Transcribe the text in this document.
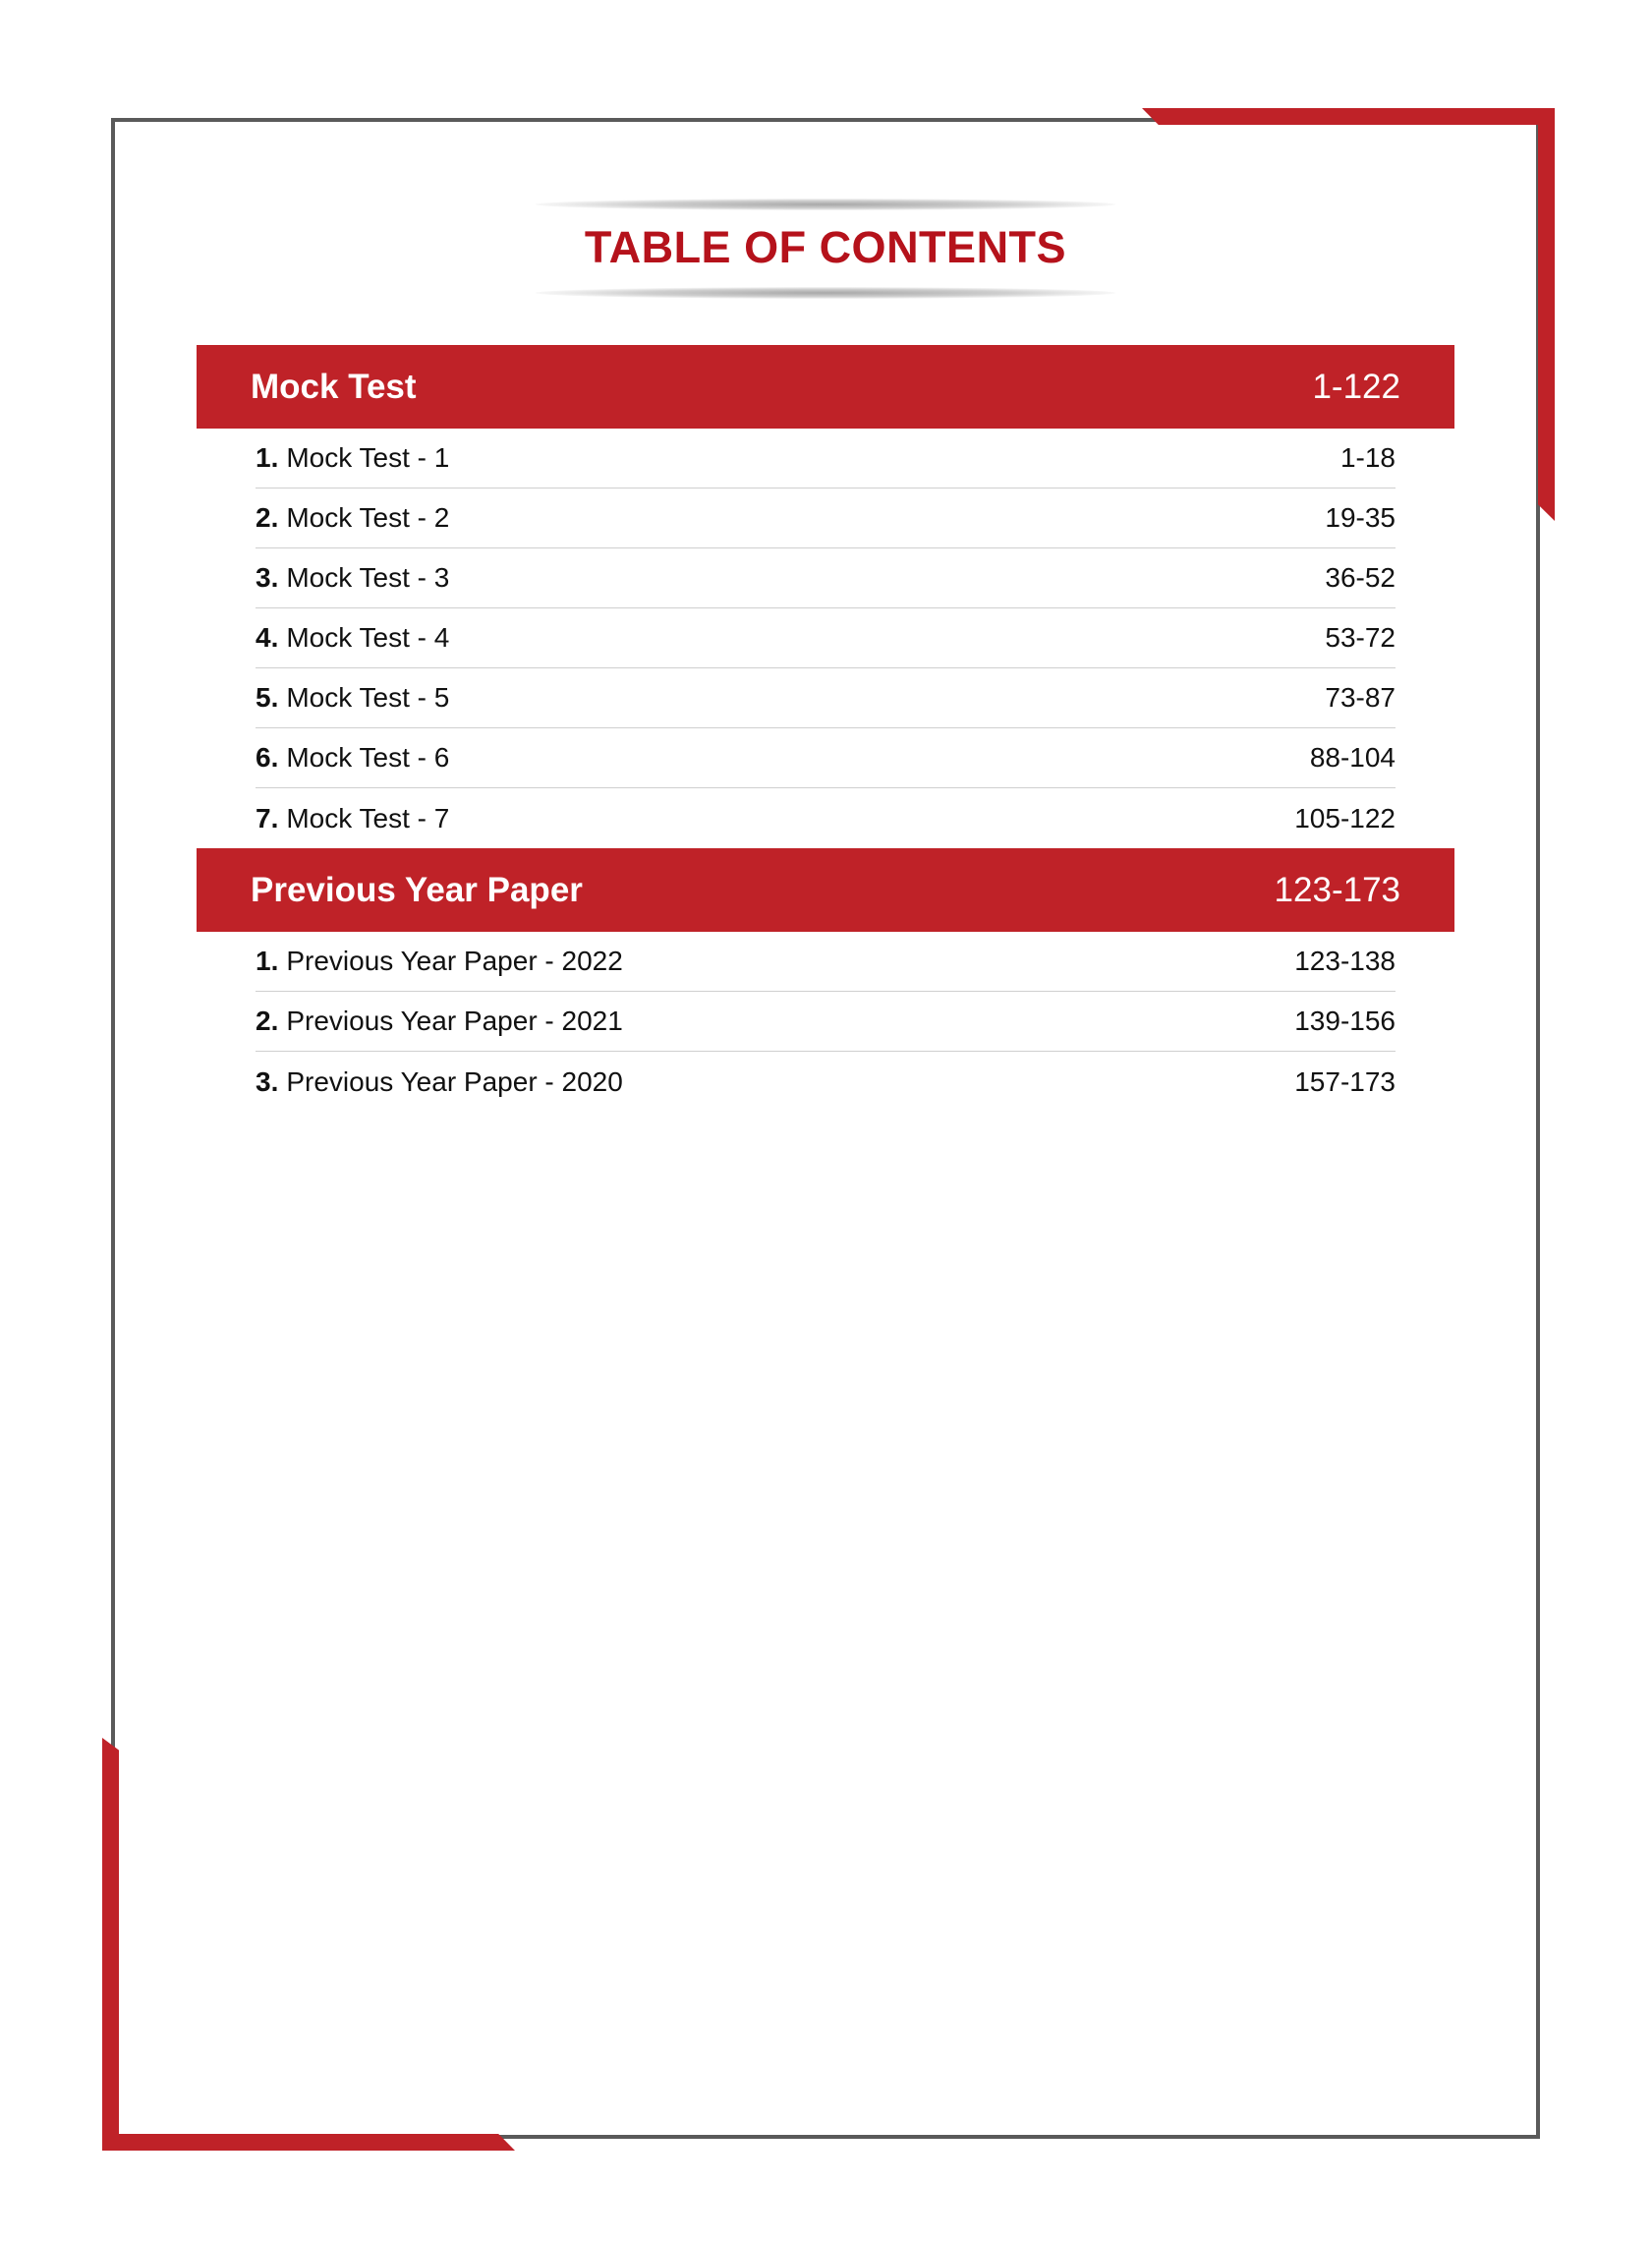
TABLE OF CONTENTS
Mock Test	1-122
1. Mock Test - 1	1-18
2. Mock Test - 2	19-35
3. Mock Test - 3	36-52
4. Mock Test - 4	53-72
5. Mock Test - 5	73-87
6. Mock Test - 6	88-104
7. Mock Test - 7	105-122
Previous Year Paper	123-173
1. Previous Year Paper - 2022	123-138
2. Previous Year Paper - 2021	139-156
3. Previous Year Paper - 2020	157-173
